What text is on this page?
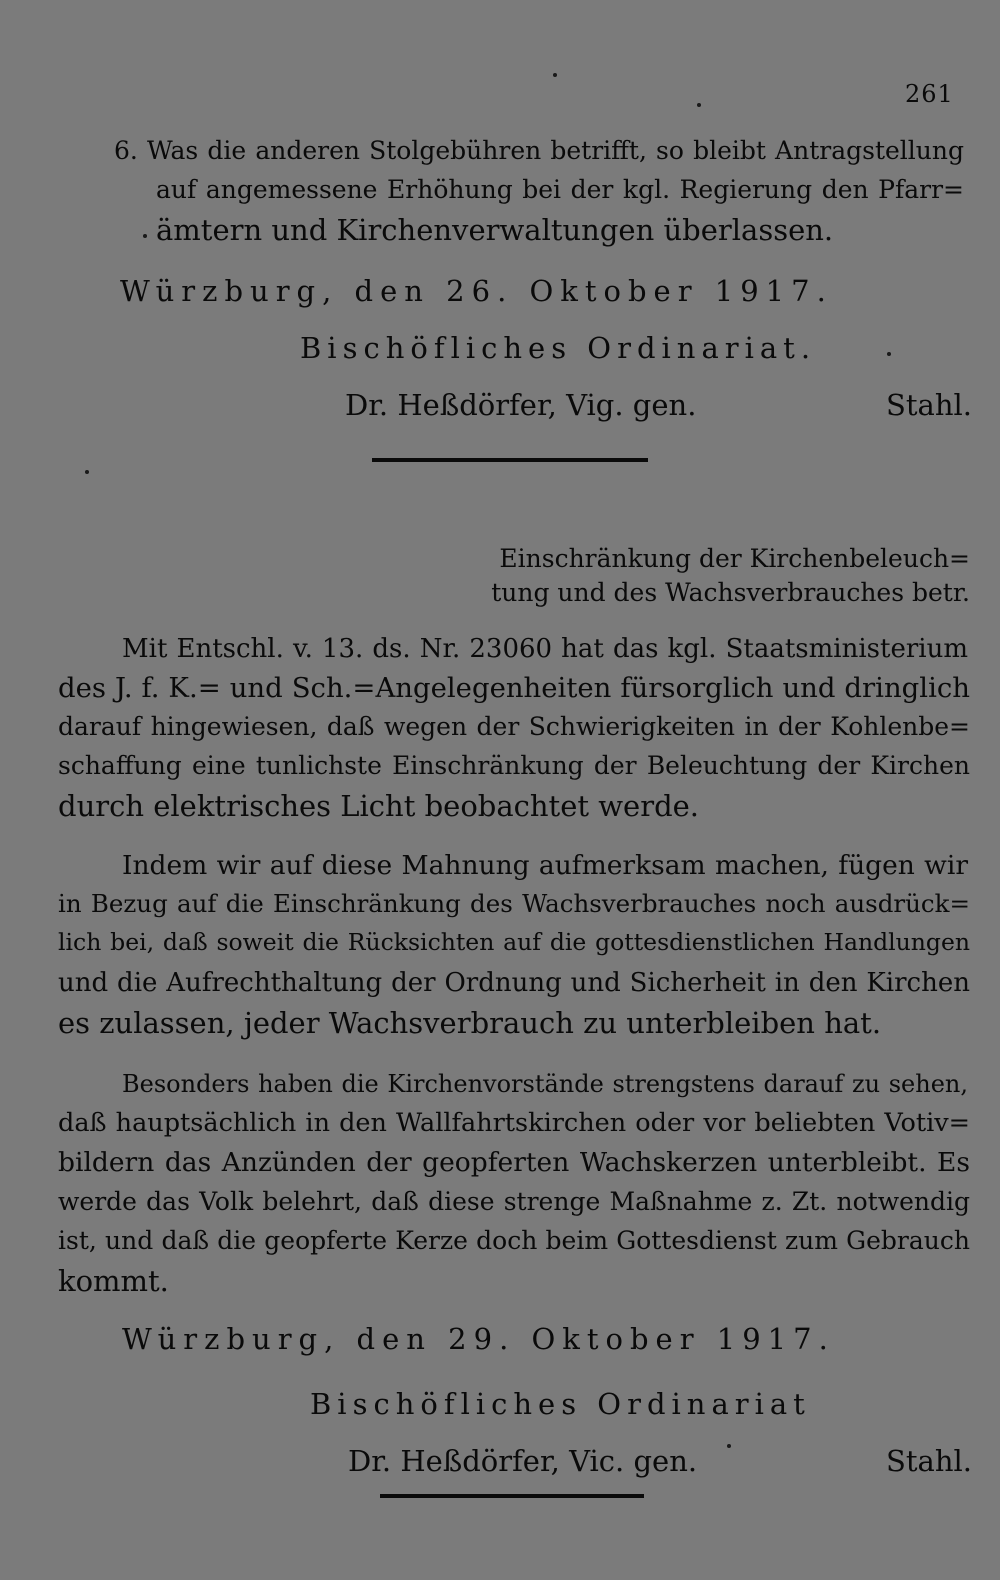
261
6. Was die anderen Stolgebühren betrifft, so bleibt Antragstellung
auf angemessene Erhöhung bei der kgl. Regierung den Pfarr=
ämtern und Kirchenverwaltungen überlassen.
Würzburg, den 26. Oktober 1917.
Bischöfliches Ordinariat.
Dr. Heßdörfer, Vig. gen.	Stahl.
Einschränkung der Kirchenbeleuch=
tung und des Wachsverbrauches betr.
Mit Entschl. v. 13. ds. Nr. 23060 hat das kgl. Staatsministerium
des J. f. K.= und Sch.=Angelegenheiten fürsorglich und dringlich
darauf hingewiesen, daß wegen der Schwierigkeiten in der Kohlenbe=
schaffung eine tunlichste Einschränkung der Beleuchtung der Kirchen
durch elektrisches Licht beobachtet werde.
Indem wir auf diese Mahnung aufmerksam machen, fügen wir
in Bezug auf die Einschränkung des Wachsverbrauches noch ausdrück=
lich bei, daß soweit die Rücksichten auf die gottesdienstlichen Handlungen
und die Aufrechthaltung der Ordnung und Sicherheit in den Kirchen
es zulassen, jeder Wachsverbrauch zu unterbleiben hat.
Besonders haben die Kirchenvorstände strengstens darauf zu sehen,
daß hauptsächlich in den Wallfahrtskirchen oder vor beliebten Votiv=
bildern das Anzünden der geopferten Wachskerzen unterbleibt. Es
werde das Volk belehrt, daß diese strenge Maßnahme z. Zt. notwendig
ist, und daß die geopferte Kerze doch beim Gottesdienst zum Gebrauch
kommt.
Würzburg, den 29. Oktober 1917.
Bischöfliches Ordinariat
Dr. Heßdörfer, Vic. gen.	Stahl.
